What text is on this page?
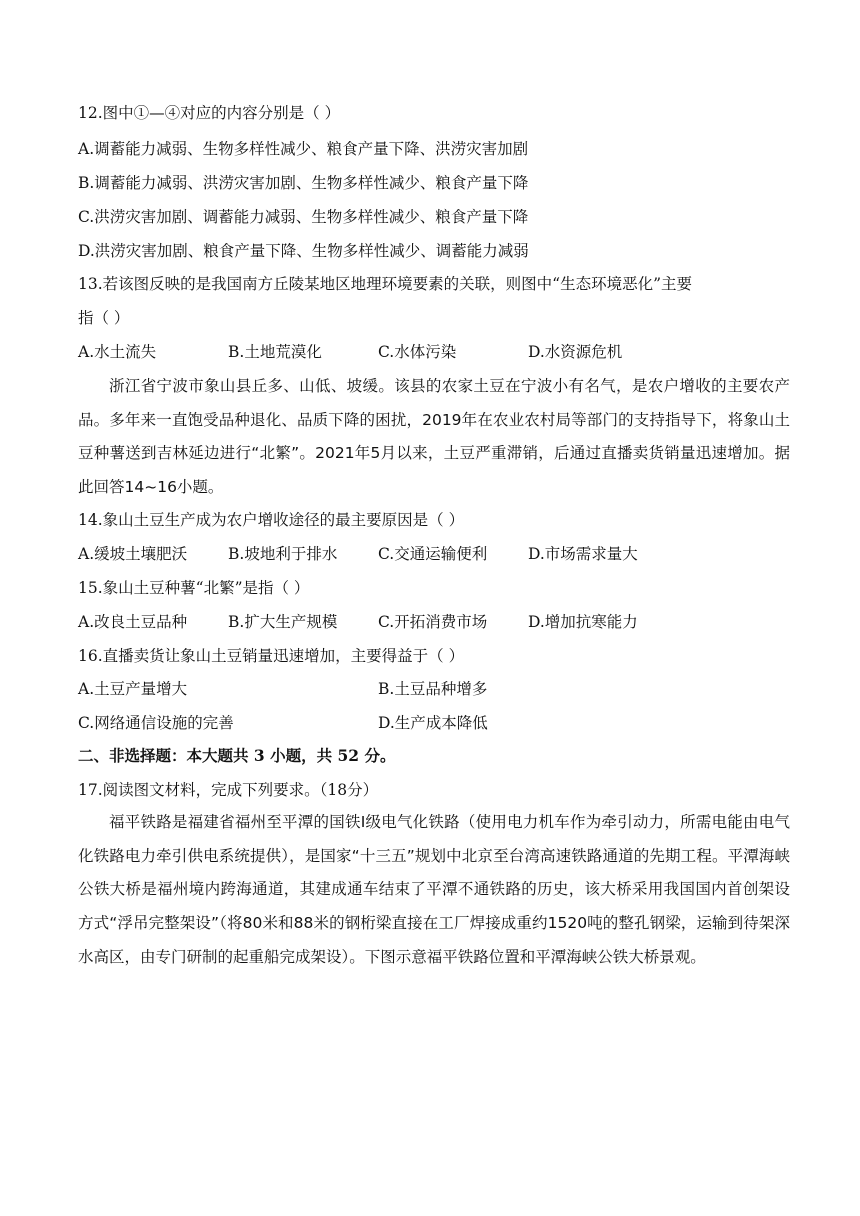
12.图中①—④对应的内容分别是（ ）
A.调蓄能力减弱、生物多样性减少、粮食产量下降、洪涝灾害加剧
B.调蓄能力减弱、洪涝灾害加剧、生物多样性减少、粮食产量下降
C.洪涝灾害加剧、调蓄能力减弱、生物多样性减少、粮食产量下降
D.洪涝灾害加剧、粮食产量下降、生物多样性减少、调蓄能力减弱
13.若该图反映的是我国南方丘陵某地区地理环境要素的关联，则图中“生态环境恶化”主要
指（ ）
A.水土流失	B.土地荒漠化	C.水体污染	D.水资源危机
浙江省宁波市象山县丘多、山低、坡缓。该县的农家土豆在宁波小有名气，是农户增收的主要农产品。多年来一直饱受品种退化、品质下降的困扰，2019年在农业农村局等部门的支持指导下，将象山土豆种薯送到吉林延边进行“北繁”。2021年5月以来，土豆严重滞销，后通过直播卖货销量迅速增加。据此回答14~16小题。
14.象山土豆生产成为农户增收途径的最主要原因是（ ）
A.缓坡土壤肥沃	B.坡地利于排水	C.交通运输便利	D.市场需求量大
15.象山土豆种薯“北繁”是指（ ）
A.改良土豆品种	B.扩大生产规模	C.开拓消费市场	D.增加抗寒能力
16.直播卖货让象山土豆销量迅速增加，主要得益于（ ）
A.土豆产量增大	B.土豆品种增多
C.网络通信设施的完善	D.生产成本降低
二、非选择题：本大题共 3 小题，共 52 分。
17.阅读图文材料，完成下列要求。（18分）
福平铁路是福建省福州至平潭的国铁Ⅰ级电气化铁路（使用电力机车作为牵引动力，所需电能由电气化铁路电力牵引供电系统提供），是国家“十三五”规划中北京至台湾高速铁路通道的先期工程。平潭海峡公铁大桥是福州境内跨海通道，其建成通车结束了平潭不通铁路的历史，该大桥采用我国国内首创架设方式“浮吊完整架设”（将80米和88米的钢桁梁直接在工厂焊接成重约1520吨的整孔钢梁，运输到待架深水高区，由专门研制的起重船完成架设）。下图示意福平铁路位置和平潭海峡公铁大桥景观。
